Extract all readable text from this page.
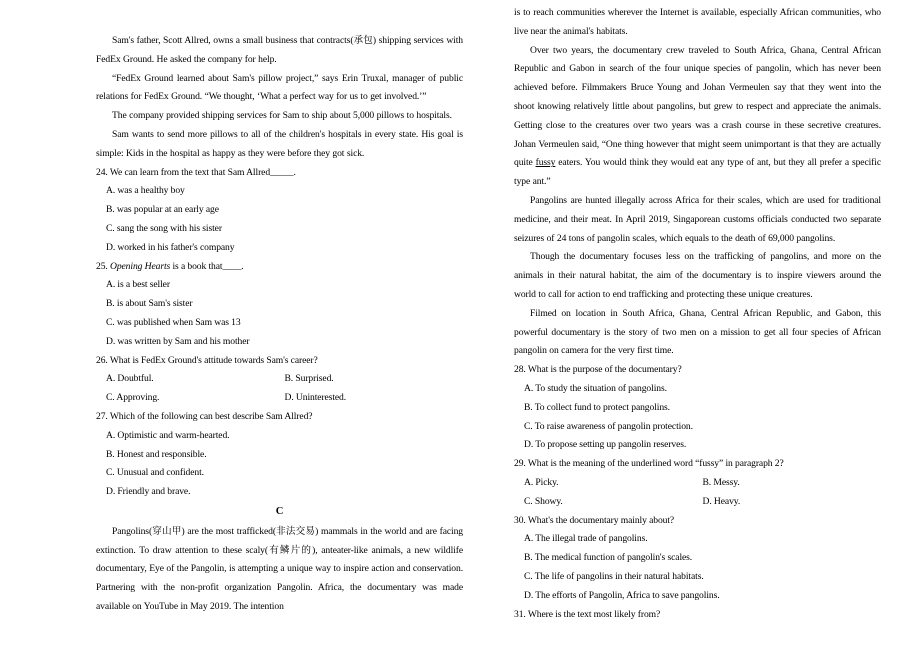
Sam's father, Scott Allred, owns a small business that contracts(承包) shipping services with FedEx Ground. He asked the company for help.

“FedEx Ground learned about Sam's pillow project,” says Erin Truxal, manager of public relations for FedEx Ground. “We thought, ‘What a perfect way for us to get involved.’”

The company provided shipping services for Sam to ship about 5,000 pillows to hospitals.

Sam wants to send more pillows to all of the children's hospitals in every state. His goal is simple: Kids in the hospital as happy as they were before they got sick.

24. We can learn from the text that Sam Allred_____.
A. was a healthy boy
B. was popular at an early age
C. sang the song with his sister
D. worked in his father's company
25. Opening Hearts is a book that____.
A. is a best seller
B. is about Sam's sister
C. was published when Sam was 13
D. was written by Sam and his mother
26. What is FedEx Ground's attitude towards Sam's career?
A. Doubtful.	B. Surprised.
C. Approving.	D. Uninterested.
27. Which of the following can best describe Sam Allred?
A. Optimistic and warm-hearted.
B. Honest and responsible.
C. Unusual and confident.
D. Friendly and brave.
C

Pangolins(穿山甲) are the most trafficked(非法交易) mammals in the world and are facing extinction. To draw attention to these scaly(有鳞片的), anteater-like animals, a new wildlife documentary, Eye of the Pangolin, is attempting a unique way to inspire action and conservation. Partnering with the non-profit organization Pangolin. Africa, the documentary was made available on YouTube in May 2019. The intention

is to reach communities wherever the Internet is available, especially African communities, who live near the animal's habitats.

Over two years, the documentary crew traveled to South Africa, Ghana, Central African Republic and Gabon in search of the four unique species of pangolin, which has never been achieved before. Filmmakers Bruce Young and Johan Vermeulen say that they went into the shoot knowing relatively little about pangolins, but grew to respect and appreciate the animals. Getting close to the creatures over two years was a crash course in these secretive creatures. Johan Vermeulen said, “One thing however that might seem unimportant is that they are actually quite fussy eaters. You would think they would eat any type of ant, but they all prefer a specific type ant.”

Pangolins are hunted illegally across Africa for their scales, which are used for traditional medicine, and their meat. In April 2019, Singaporean customs officials conducted two separate seizures of 24 tons of pangolin scales, which equals to the death of 69,000 pangolins.

Though the documentary focuses less on the trafficking of pangolins, and more on the animals in their natural habitat, the aim of the documentary is to inspire viewers around the world to call for action to end trafficking and protecting these unique creatures.

Filmed on location in South Africa, Ghana, Central African Republic, and Gabon, this powerful documentary is the story of two men on a mission to get all four species of African pangolin on camera for the very first time.

28. What is the purpose of the documentary?
A. To study the situation of pangolins.
B. To collect fund to protect pangolins.
C. To raise awareness of pangolin protection.
D. To propose setting up pangolin reserves.
29. What is the meaning of the underlined word “fussy” in paragraph 2?
A. Picky.	B. Messy.
C. Showy.	D. Heavy.
30. What's the documentary mainly about?
A. The illegal trade of pangolins.
B. The medical function of pangolin's scales.
C. The life of pangolins in their natural habitats.
D. The efforts of Pangolin, Africa to save pangolins.
31. Where is the text most likely from?
